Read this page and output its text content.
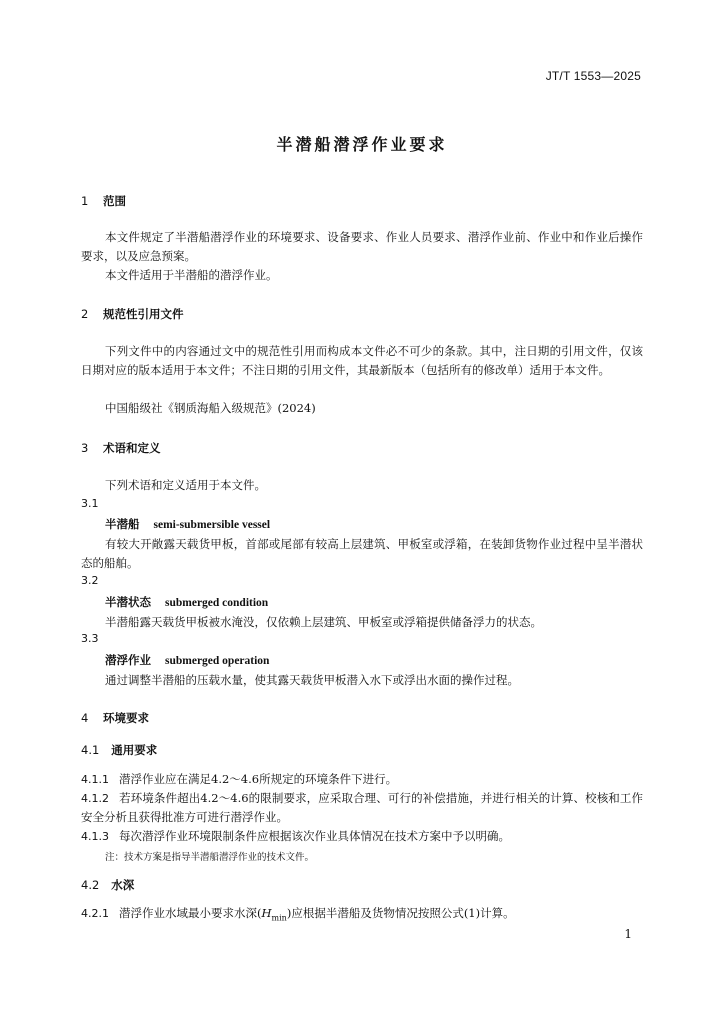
JT/T 1553—2025
半潜船潜浮作业要求
1 范围
本文件规定了半潜船潜浮作业的环境要求、设备要求、作业人员要求、潜浮作业前、作业中和作业后操作要求，以及应急预案。
本文件适用于半潜船的潜浮作业。
2 规范性引用文件
下列文件中的内容通过文中的规范性引用而构成本文件必不可少的条款。其中，注日期的引用文件，仅该日期对应的版本适用于本文件；不注日期的引用文件，其最新版本（包括所有的修改单）适用于本文件。
中国船级社《钢质海船入级规范》(2024)
3 术语和定义
下列术语和定义适用于本文件。
3.1
半潜船 semi-submersible vessel
有较大开敞露天载货甲板，首部或尾部有较高上层建筑、甲板室或浮箱，在装卸货物作业过程中呈半潜状态的船舶。
3.2
半潜状态 submerged condition
半潜船露天载货甲板被水淹没，仅依赖上层建筑、甲板室或浮箱提供储备浮力的状态。
3.3
潜浮作业 submerged operation
通过调整半潜船的压载水量，使其露天载货甲板潜入水下或浮出水面的操作过程。
4 环境要求
4.1 通用要求
4.1.1 潜浮作业应在满足4.2～4.6所规定的环境条件下进行。
4.1.2 若环境条件超出4.2～4.6的限制要求，应采取合理、可行的补偿措施，并进行相关的计算、校核和工作安全分析且获得批准方可进行潜浮作业。
4.1.3 每次潜浮作业环境限制条件应根据该次作业具体情况在技术方案中予以明确。
注：技术方案是指导半潜船潜浮作业的技术文件。
4.2 水深
4.2.1 潜浮作业水域最小要求水深$(H_{min})$应根据半潜船及货物情况按照公式(1)计算。
1
